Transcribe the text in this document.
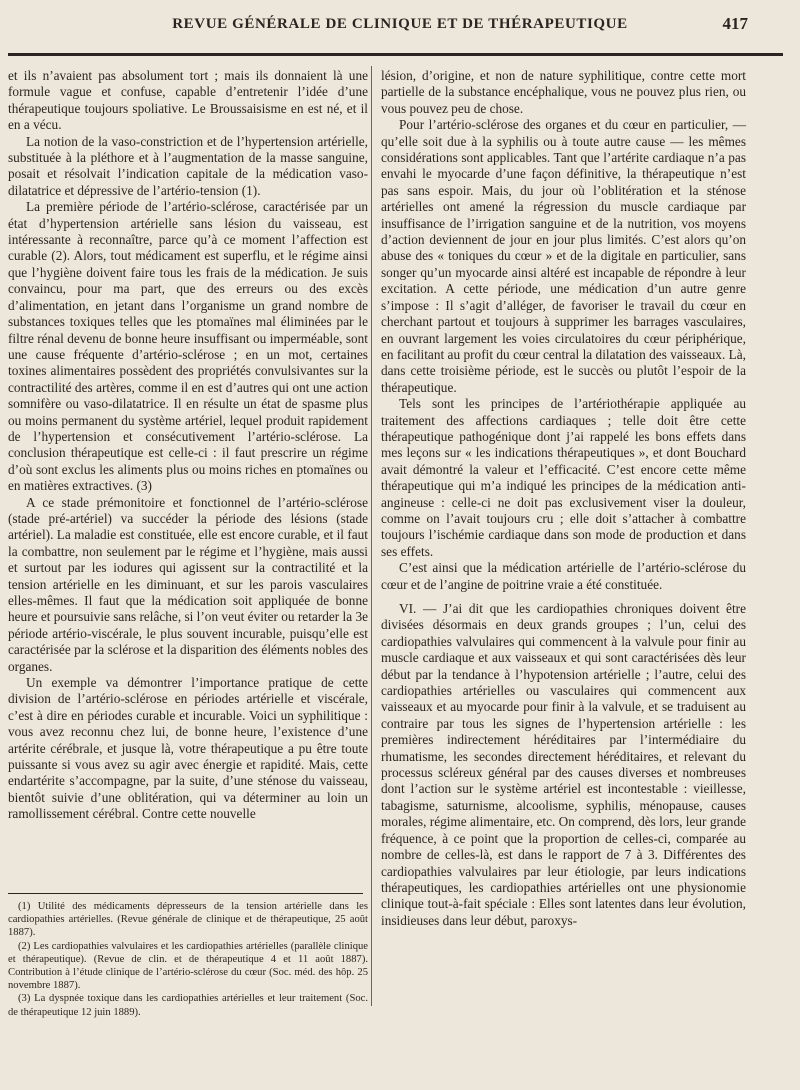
REVUE GÉNÉRALE DE CLINIQUE ET DE THÉRAPEUTIQUE	417

et ils n’avaient pas absolument tort ; mais ils donnaient là une formule vague et confuse, capable d’entretenir l’idée d’une thérapeutique toujours spoliative. Le Broussaisisme en est né, et il en a vécu.

La notion de la vaso-constriction et de l’hypertension artérielle, substituée à la pléthore et à l’augmentation de la masse sanguine, posait et résolvait l’indication capitale de la médication vaso-dilatatrice et dépressive de l’artério-tension (1).

La première période de l’artério-sclérose, caractérisée par un état d’hypertension artérielle sans lésion du vaisseau, est intéressante à reconnaître, parce qu’à ce moment l’affection est curable (2). Alors, tout médicament est superflu, et le régime ainsi que l’hygiène doivent faire tous les frais de la médication. Je suis convaincu, pour ma part, que des erreurs ou des excès d’alimentation, en jetant dans l’organisme un grand nombre de substances toxiques telles que les ptomaïnes mal éliminées par le filtre rénal devenu de bonne heure insuffisant ou imperméable, sont une cause fréquente d’artério-sclérose ; en un mot, certaines toxines alimentaires possèdent des propriétés convulsivantes sur la contractilité des artères, comme il en est d’autres qui ont une action somnifère ou vaso-dilatatrice. Il en résulte un état de spasme plus ou moins permanent du système artériel, lequel produit rapidement de l’hypertension et consécutivement l’artério-sclérose. La conclusion thérapeutique est celle-ci : il faut prescrire un régime d’où sont exclus les aliments plus ou moins riches en ptomaïnes ou en matières extractives. (3)

A ce stade prémonitoire et fonctionnel de l’artério-sclérose (stade pré-artériel) va succéder la période des lésions (stade artériel). La maladie est constituée, elle est encore curable, et il faut la combattre, non seulement par le régime et l’hygiène, mais aussi et surtout par les iodures qui agissent sur la contractilité et la tension artérielle en les diminuant, et sur les parois vasculaires elles-mêmes. Il faut que la médication soit appliquée de bonne heure et poursuivie sans relâche, si l’on veut éviter ou retarder la 3e période artério-viscérale, le plus souvent incurable, puisqu’elle est caractérisée par la sclérose et la disparition des éléments nobles des organes.

Un exemple va démontrer l’importance pratique de cette division de l’artério-sclérose en périodes artérielle et viscérale, c’est à dire en périodes curable et incurable. Voici un syphilitique : vous avez reconnu chez lui, de bonne heure, l’existence d’une artérite cérébrale, et jusque là, votre thérapeutique a pu être toute puissante si vous avez su agir avec énergie et rapidité. Mais, cette endartérite s’accompagne, par la suite, d’une sténose du vaisseau, bientôt suivie d’une oblitération, qui va déterminer au loin un ramollissement cérébral. Contre cette nouvelle

lésion, d’origine, et non de nature syphilitique, contre cette mort partielle de la substance encéphalique, vous ne pouvez plus rien, ou vous pouvez peu de chose.

Pour l’artério-sclérose des organes et du cœur en particulier, — qu’elle soit due à la syphilis ou à toute autre cause — les mêmes considérations sont applicables. Tant que l’artérite cardiaque n’a pas envahi le myocarde d’une façon définitive, la thérapeutique n’est pas sans espoir. Mais, du jour où l’oblitération et la sténose artérielles ont amené la régression du muscle cardiaque par insuffisance de l’irrigation sanguine et de la nutrition, vos moyens d’action deviennent de jour en jour plus limités. C’est alors qu’on abuse des « toniques du cœur » et de la digitale en particulier, sans songer qu’un myocarde ainsi altéré est incapable de répondre à leur excitation. A cette période, une médication d’un autre genre s’impose : Il s’agit d’alléger, de favoriser le travail du cœur en cherchant partout et toujours à supprimer les barrages vasculaires, en ouvrant largement les voies circulatoires du cœur périphérique, en facilitant au profit du cœur central la dilatation des vaisseaux. Là, dans cette troisième période, est le succès ou plutôt l’espoir de la thérapeutique.

Tels sont les principes de l’artériothérapie appliquée au traitement des affections cardiaques ; telle doit être cette thérapeutique pathogénique dont j’ai rappelé les bons effets dans mes leçons sur « les indications thérapeutiques », et dont Bouchard avait démontré la valeur et l’efficacité. C’est encore cette même thérapeutique qui m’a indiqué les principes de la médication anti-angineuse : celle-ci ne doit pas exclusivement viser la douleur, comme on l’avait toujours cru ; elle doit s’attacher à combattre toujours l’ischémie cardiaque dans son mode de production et dans ses effets.

C’est ainsi que la médication artérielle de l’artério-sclérose du cœur et de l’angine de poitrine vraie a été constituée.

VI. — J’ai dit que les cardiopathies chroniques doivent être divisées désormais en deux grands groupes ; l’un, celui des cardiopathies valvulaires qui commencent à la valvule pour finir au muscle cardiaque et aux vaisseaux et qui sont caractérisées dès leur début par la tendance à l’hypotension artérielle ; l’autre, celui des cardiopathies artérielles ou vasculaires qui commencent aux vaisseaux et au myocarde pour finir à la valvule, et se traduisent au contraire par tous les signes de l’hypertension artérielle : les premières indirectement héréditaires par l’intermédiaire du rhumatisme, les secondes directement héréditaires, et relevant du processus scléreux général par des causes diverses et nombreuses dont l’action sur le système artériel est incontestable : vieillesse, tabagisme, saturnisme, alcoolisme, syphilis, ménopause, causes morales, régime alimentaire, etc. On comprend, dès lors, leur grande fréquence, à ce point que la proportion de celles-ci, comparée au nombre de celles-là, est dans le rapport de 7 à 3. Différentes des cardiopathies valvulaires par leur étiologie, par leurs indications thérapeutiques, les cardiopathies artérielles ont une physionomie clinique tout-à-fait spéciale : Elles sont latentes dans leur évolution, insidieuses dans leur début, paroxys-

(1) Utilité des médicaments dépresseurs de la tension artérielle dans les cardiopathies artérielles. (Revue générale de clinique et de thérapeutique, 25 août 1887).

(2) Les cardiopathies valvulaires et les cardiopathies artérielles (parallèle clinique et thérapeutique). (Revue de clin. et de thérapeutique 4 et 11 août 1887). Contribution à l’étude clinique de l’artério-sclérose du cœur (Soc. méd. des hôp. 25 novembre 1887).

(3) La dyspnée toxique dans les cardiopathies artérielles et leur traitement (Soc. de thérapeutique 12 juin 1889).
